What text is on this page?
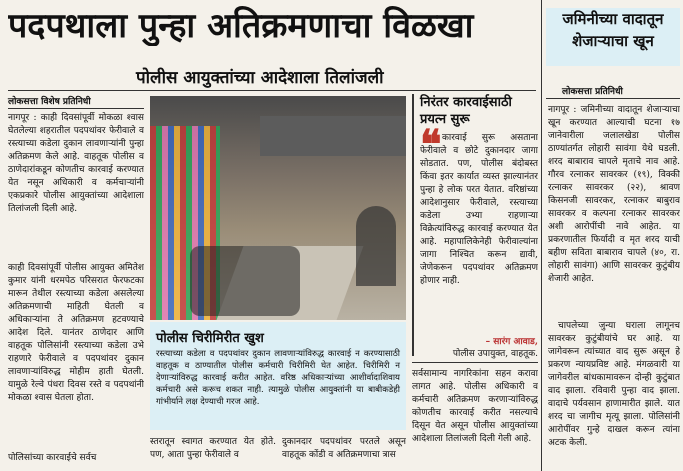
पदपथाला पुन्हा अतिक्रमणाचा विळखा
पोलीस आयुक्तांच्या आदेशाला तिलांजली
लोकसत्ता विशेष प्रतिनिधी

नागपूर : काही दिवसांपूर्वी मोकळा श्वास घेतलेल्या शहरातील पदपथांवर फेरीवाले व रस्त्याच्या कडेला दुकान लावणाऱ्यांनी पुन्हा अतिक्रमण केले आहे. वाहतूक पोलीस व ठाणेदारांकडून कोणतीच कारवाई करण्यात येत नसून अधिकारी व कर्मचाऱ्यांनी एकप्रकारे पोलीस आयुक्तांच्या आदेशाला तिलांजली दिली आहे.

काही दिवसांपूर्वी पोलीस आयुक्त अमितेश कुमार यांनी धरमपेठ परिसरात फेरफटका मारून तेथील रस्त्याच्या कडेला असलेल्या अतिक्रमणाची माहिती घेतली व अधिकाऱ्यांना ते अतिक्रमण हटवण्याचे आदेश दिले. यानंतर ठाणेदार आणि वाहतूक पोलिसांनी रस्त्याच्या कडेला उभे राहणारे फेरीवाले व पदपथांवर दुकान लावणाऱ्यांविरुद्ध मोहीम हाती घेतली. यामुळे रेल्वे पंधरा दिवस रस्ते व पदपथांनी मोकळा श्वास घेतला होता.

पोलिसांच्या कारवाईचे सर्वच

पोलीस चिरीमिरीत खुश
रस्त्याच्या कडेला व पदपथांवर दुकान लावणाऱ्यांविरुद्ध कारवाई न करण्यासाठी वाहतूक व ठाण्यातील पोलीस कर्मचारी चिरीमिरी घेत आहेत. चिरीमिरी न देणाऱ्यांविरुद्ध कारवाई करीत आहेत. वरिष्ठ अधिकाऱ्यांच्या आशीर्वादाशिवाय कर्मचारी असे करूच शकत नाही. त्यामुळे पोलीस आयुक्तांनी या बाबीकडेही गांभीर्याने लक्ष देण्याची गरज आहे.

स्तरातून स्वागत करण्यात येत होते. पण, आता पुन्हा फेरीवाले व

दुकानदार पदपथांवर परतले असून वाहतूक कोंडी व अतिक्रमणाचा त्रास

निरंतर कारवाईसाठी प्रयत्न सुरू
❝ कारवाई सुरू असताना फेरीवाले व छोटे दुकानदार जागा सोडतात. पण, पोलीस बंदोबस्त किंवा इतर कार्यात व्यस्त झाल्यानंतर पुन्हा हे लोक परत येतात. वरिष्ठांच्या आदेशानुसार फेरीवाले, रस्त्याच्या कडेला उभ्या राहणाऱ्या विक्रेत्यांविरुद्ध कारवाई करण्यात येत आहे. महापालिकेनेही फेरीवाल्यांना जागा निश्चित करून द्यावी, जेणेकरून पदपथांवर अतिक्रमण होणार नाही.

– सारंग आवाड,
पोलीस उपायुक्त, वाहतूक.

सर्वसामान्य नागरिकांना सहन करावा लागत आहे. पोलीस अधिकारी व कर्मचारी अतिक्रमण करणाऱ्यांविरुद्ध कोणतीच कारवाई करीत नसल्याचे दिसून येत असून पोलीस आयुक्तांच्या आदेशाला तिलांजली दिली गेली आहे.

जमिनीच्या वादातून
शेजाऱ्याचा खून
लोकसत्ता प्रतिनिधी

नागपूर : जमिनीच्या वादातून शेजाऱ्याचा खून करण्यात आल्याची घटना १७ जानेवारीला जलालखेडा पोलीस ठाण्यांतर्गत लोहारी सावंगा येथे घडली. शरद बाबाराव चापले मृताचे नाव आहे. गौरव रत्नाकर सावरकर (१९), विक्की रत्नाकर सावरकर (२२), श्रावण किसनजी सावरकर, रत्नाकर बाबुराव सावरकर व कल्पना रत्नाकर सावरकर अशी आरोपींची नावे आहेत. या प्रकरणातील फिर्यादी व मृत शरद याची बहीण सविता बाबाराव चापले (४०, रा. लोहारी सावंगा) आणि सावरकर कुटुंबीय शेजारी आहेत.

चापलेच्या जुन्या घराला लागूनच सावरकर कुटुंबीयांचे घर आहे. या जागेवरून त्यांच्यात वाद सुरू असून हे प्रकरण न्यायप्रविष्ट आहे. मंगळवारी या जागेवरील बांधकामावरून दोन्ही कुटुंबात वाद झाला. रविवारी पुन्हा वाद झाला. वादाचे पर्यवसान हाणामारीत झाले. यात शरद चा जागीच मृत्यू झाला. पोलिसांनी आरोपींवर गुन्हे दाखल करून त्यांना अटक केली.
